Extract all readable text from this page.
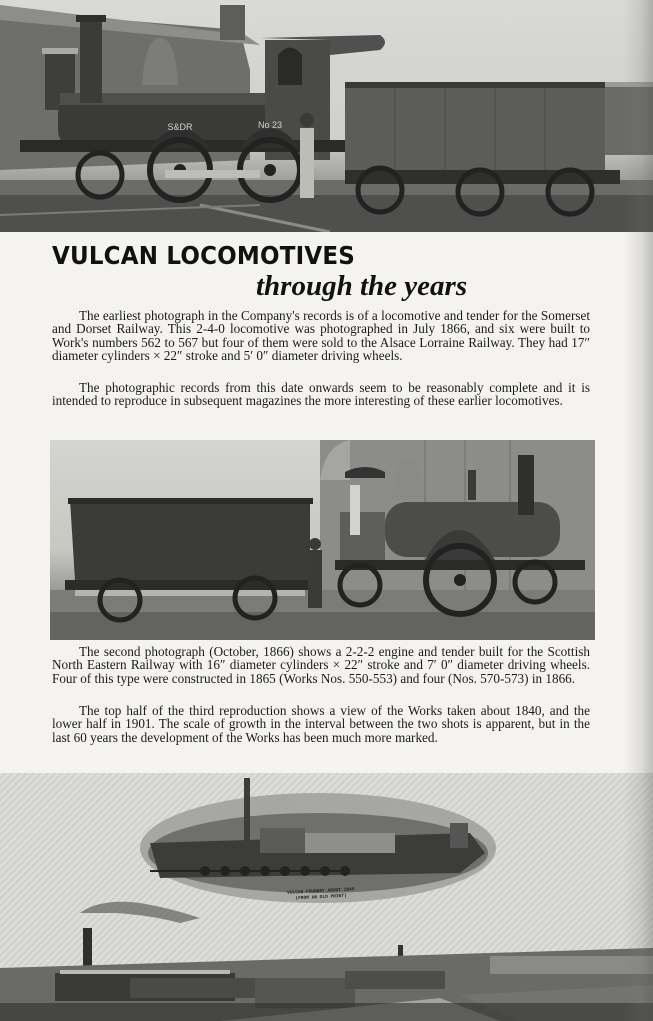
S&DR	No 23
VULCAN LOCOMOTIVES
through the years

The earliest photograph in the Company's records is of a locomotive and tender for the Somerset and Dorset Railway. This 2-4-0 locomotive was photographed in July 1866, and six were built to Work's numbers 562 to 567 but four of them were sold to the Alsace Lorraine Railway. They had 17″ diameter cylinders × 22″ stroke and 5′ 0″ diameter driving wheels.

The photographic records from this date onwards seem to be reasonably complete and it is intended to reproduce in subsequent magazines the more interesting of these earlier locomotives.

The second photograph (October, 1866) shows a 2-2-2 engine and tender built for the Scottish North Eastern Railway with 16″ diameter cylinders × 22″ stroke and 7′ 0″ diameter driving wheels. Four of this type were constructed in 1865 (Works Nos. 550-553) and four (Nos. 570-573) in 1866.

The top half of the third reproduction shows a view of the Works taken about 1840, and the lower half in 1901. The scale of growth in the interval between the two shots is apparent, but in the last 60 years the development of the Works has been much more marked.

VULCAN FOUNDRY ABOUT 1840
(FROM AN OLD PRINT)
